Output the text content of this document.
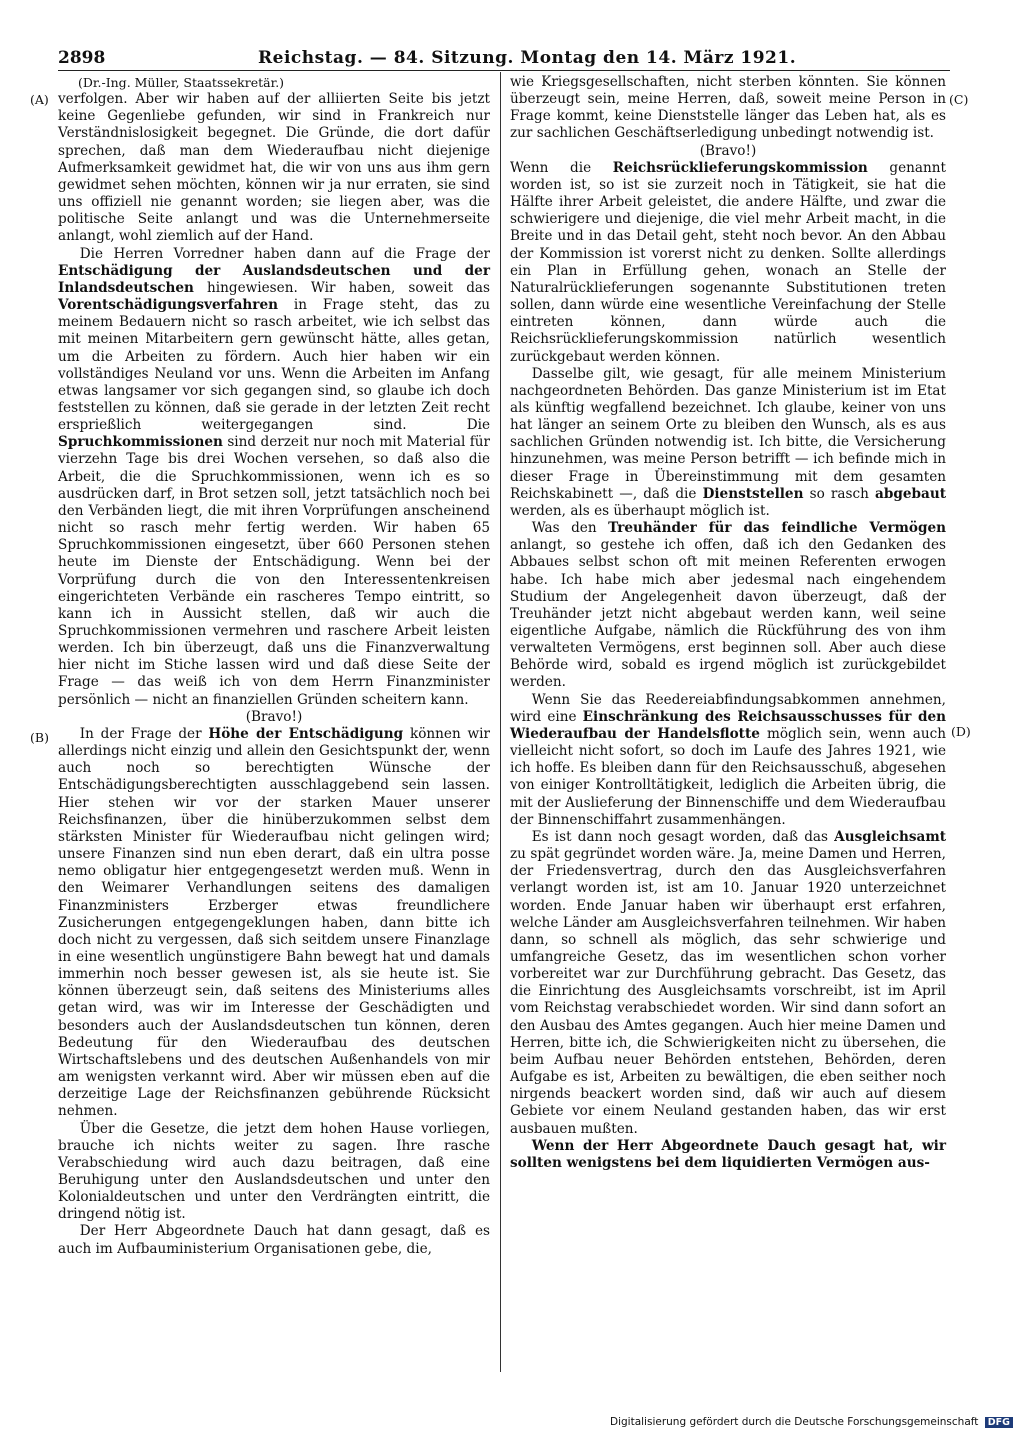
2898	Reichstag. — 84. Sitzung. Montag den 14. März 1921.
(A)
(B)
(C)
(D)

(Dr.-Ing. Müller, Staatssekretär.)

verfolgen. Aber wir haben auf der alliierten Seite bis jetzt keine Gegenliebe gefunden, wir sind in Frankreich nur Verständnislosigkeit begegnet. Die Gründe, die dort dafür sprechen, daß man dem Wiederaufbau nicht diejenige Aufmerksamkeit gewidmet hat, die wir von uns aus ihm gern gewidmet sehen möchten, können wir ja nur erraten, sie sind uns offiziell nie genannt worden; sie liegen aber, was die politische Seite anlangt und was die Unternehmerseite anlangt, wohl ziemlich auf der Hand.

Die Herren Vorredner haben dann auf die Frage der Entschädigung der Auslandsdeutschen und der Inlandsdeutschen hingewiesen. Wir haben, soweit das Vorentschädigungsverfahren in Frage steht, das zu meinem Bedauern nicht so rasch arbeitet, wie ich selbst das mit meinen Mitarbeitern gern gewünscht hätte, alles getan, um die Arbeiten zu fördern. Auch hier haben wir ein vollständiges Neuland vor uns. Wenn die Arbeiten im Anfang etwas langsamer vor sich gegangen sind, so glaube ich doch feststellen zu können, daß sie gerade in der letzten Zeit recht ersprießlich weitergegangen sind. Die Spruchkommissionen sind derzeit nur noch mit Material für vierzehn Tage bis drei Wochen versehen, so daß also die Arbeit, die die Spruchkommissionen, wenn ich es so ausdrücken darf, in Brot setzen soll, jetzt tatsächlich noch bei den Verbänden liegt, die mit ihren Vorprüfungen anscheinend nicht so rasch mehr fertig werden. Wir haben 65 Spruchkommissionen eingesetzt, über 660 Personen stehen heute im Dienste der Entschädigung. Wenn bei der Vorprüfung durch die von den Interessentenkreisen eingerichteten Verbände ein rascheres Tempo eintritt, so kann ich in Aussicht stellen, daß wir auch die Spruchkommissionen vermehren und raschere Arbeit leisten werden. Ich bin überzeugt, daß uns die Finanzverwaltung hier nicht im Stiche lassen wird und daß diese Seite der Frage — das weiß ich von dem Herrn Finanzminister persönlich — nicht an finanziellen Gründen scheitern kann.

(Bravo!)

In der Frage der Höhe der Entschädigung können wir allerdings nicht einzig und allein den Gesichtspunkt der, wenn auch noch so berechtigten Wünsche der Entschädigungsberechtigten ausschlaggebend sein lassen. Hier stehen wir vor der starken Mauer unserer Reichsfinanzen, über die hinüberzukommen selbst dem stärksten Minister für Wiederaufbau nicht gelingen wird; unsere Finanzen sind nun eben derart, daß ein ultra posse nemo obligatur hier entgegengesetzt werden muß. Wenn in den Weimarer Verhandlungen seitens des damaligen Finanzministers Erzberger etwas freundlichere Zusicherungen entgegengeklungen haben, dann bitte ich doch nicht zu vergessen, daß sich seitdem unsere Finanzlage in eine wesentlich ungünstigere Bahn bewegt hat und damals immerhin noch besser gewesen ist, als sie heute ist. Sie können überzeugt sein, daß seitens des Ministeriums alles getan wird, was wir im Interesse der Geschädigten und besonders auch der Auslandsdeutschen tun können, deren Bedeutung für den Wiederaufbau des deutschen Wirtschaftslebens und des deutschen Außenhandels von mir am wenigsten verkannt wird. Aber wir müssen eben auf die derzeitige Lage der Reichsfinanzen gebührende Rücksicht nehmen.

Über die Gesetze, die jetzt dem hohen Hause vorliegen, brauche ich nichts weiter zu sagen. Ihre rasche Verabschiedung wird auch dazu beitragen, daß eine Beruhigung unter den Auslandsdeutschen und unter den Kolonialdeutschen und unter den Verdrängten eintritt, die dringend nötig ist.

Der Herr Abgeordnete Dauch hat dann gesagt, daß es auch im Aufbauministerium Organisationen gebe, die,

wie Kriegsgesellschaften, nicht sterben könnten. Sie können überzeugt sein, meine Herren, daß, soweit meine Person in Frage kommt, keine Dienststelle länger das Leben hat, als es zur sachlichen Geschäftserledigung unbedingt notwendig ist.

(Bravo!)

Wenn die Reichsrücklieferungskommission genannt worden ist, so ist sie zurzeit noch in Tätigkeit, sie hat die Hälfte ihrer Arbeit geleistet, die andere Hälfte, und zwar die schwierigere und diejenige, die viel mehr Arbeit macht, in die Breite und in das Detail geht, steht noch bevor. An den Abbau der Kommission ist vorerst nicht zu denken. Sollte allerdings ein Plan in Erfüllung gehen, wonach an Stelle der Naturalrücklieferungen sogenannte Substitutionen treten sollen, dann würde eine wesentliche Vereinfachung der Stelle eintreten können, dann würde auch die Reichsrücklieferungskommission natürlich wesentlich zurückgebaut werden können.

Dasselbe gilt, wie gesagt, für alle meinem Ministerium nachgeordneten Behörden. Das ganze Ministerium ist im Etat als künftig wegfallend bezeichnet. Ich glaube, keiner von uns hat länger an seinem Orte zu bleiben den Wunsch, als es aus sachlichen Gründen notwendig ist. Ich bitte, die Versicherung hinzunehmen, was meine Person betrifft — ich befinde mich in dieser Frage in Übereinstimmung mit dem gesamten Reichskabinett —, daß die Dienststellen so rasch abgebaut werden, als es überhaupt möglich ist.

Was den Treuhänder für das feindliche Vermögen anlangt, so gestehe ich offen, daß ich den Gedanken des Abbaues selbst schon oft mit meinen Referenten erwogen habe. Ich habe mich aber jedesmal nach eingehendem Studium der Angelegenheit davon überzeugt, daß der Treuhänder jetzt nicht abgebaut werden kann, weil seine eigentliche Aufgabe, nämlich die Rückführung des von ihm verwalteten Vermögens, erst beginnen soll. Aber auch diese Behörde wird, sobald es irgend möglich ist zurückgebildet werden.

Wenn Sie das Reedereiabfindungsabkommen annehmen, wird eine Einschränkung des Reichsausschusses für den Wiederaufbau der Handelsflotte möglich sein, wenn auch vielleicht nicht sofort, so doch im Laufe des Jahres 1921, wie ich hoffe. Es bleiben dann für den Reichsausschuß, abgesehen von einiger Kontrolltätigkeit, lediglich die Arbeiten übrig, die mit der Auslieferung der Binnenschiffe und dem Wiederaufbau der Binnenschiffahrt zusammenhängen.

Es ist dann noch gesagt worden, daß das Ausgleichsamt zu spät gegründet worden wäre. Ja, meine Damen und Herren, der Friedensvertrag, durch den das Ausgleichsverfahren verlangt worden ist, ist am 10. Januar 1920 unterzeichnet worden. Ende Januar haben wir überhaupt erst erfahren, welche Länder am Ausgleichsverfahren teilnehmen. Wir haben dann, so schnell als möglich, das sehr schwierige und umfangreiche Gesetz, das im wesentlichen schon vorher vorbereitet war zur Durchführung gebracht. Das Gesetz, das die Einrichtung des Ausgleichsamts vorschreibt, ist im April vom Reichstag verabschiedet worden. Wir sind dann sofort an den Ausbau des Amtes gegangen. Auch hier meine Damen und Herren, bitte ich, die Schwierigkeiten nicht zu übersehen, die beim Aufbau neuer Behörden entstehen, Behörden, deren Aufgabe es ist, Arbeiten zu bewältigen, die eben seither noch nirgends beackert worden sind, daß wir auch auf diesem Gebiete vor einem Neuland gestanden haben, das wir erst ausbauen mußten.

Wenn der Herr Abgeordnete Dauch gesagt hat, wir sollten wenigstens bei dem liquidierten Vermögen aus-

Digitalisierung gefördert durch die Deutsche Forschungsgemeinschaft DFG
